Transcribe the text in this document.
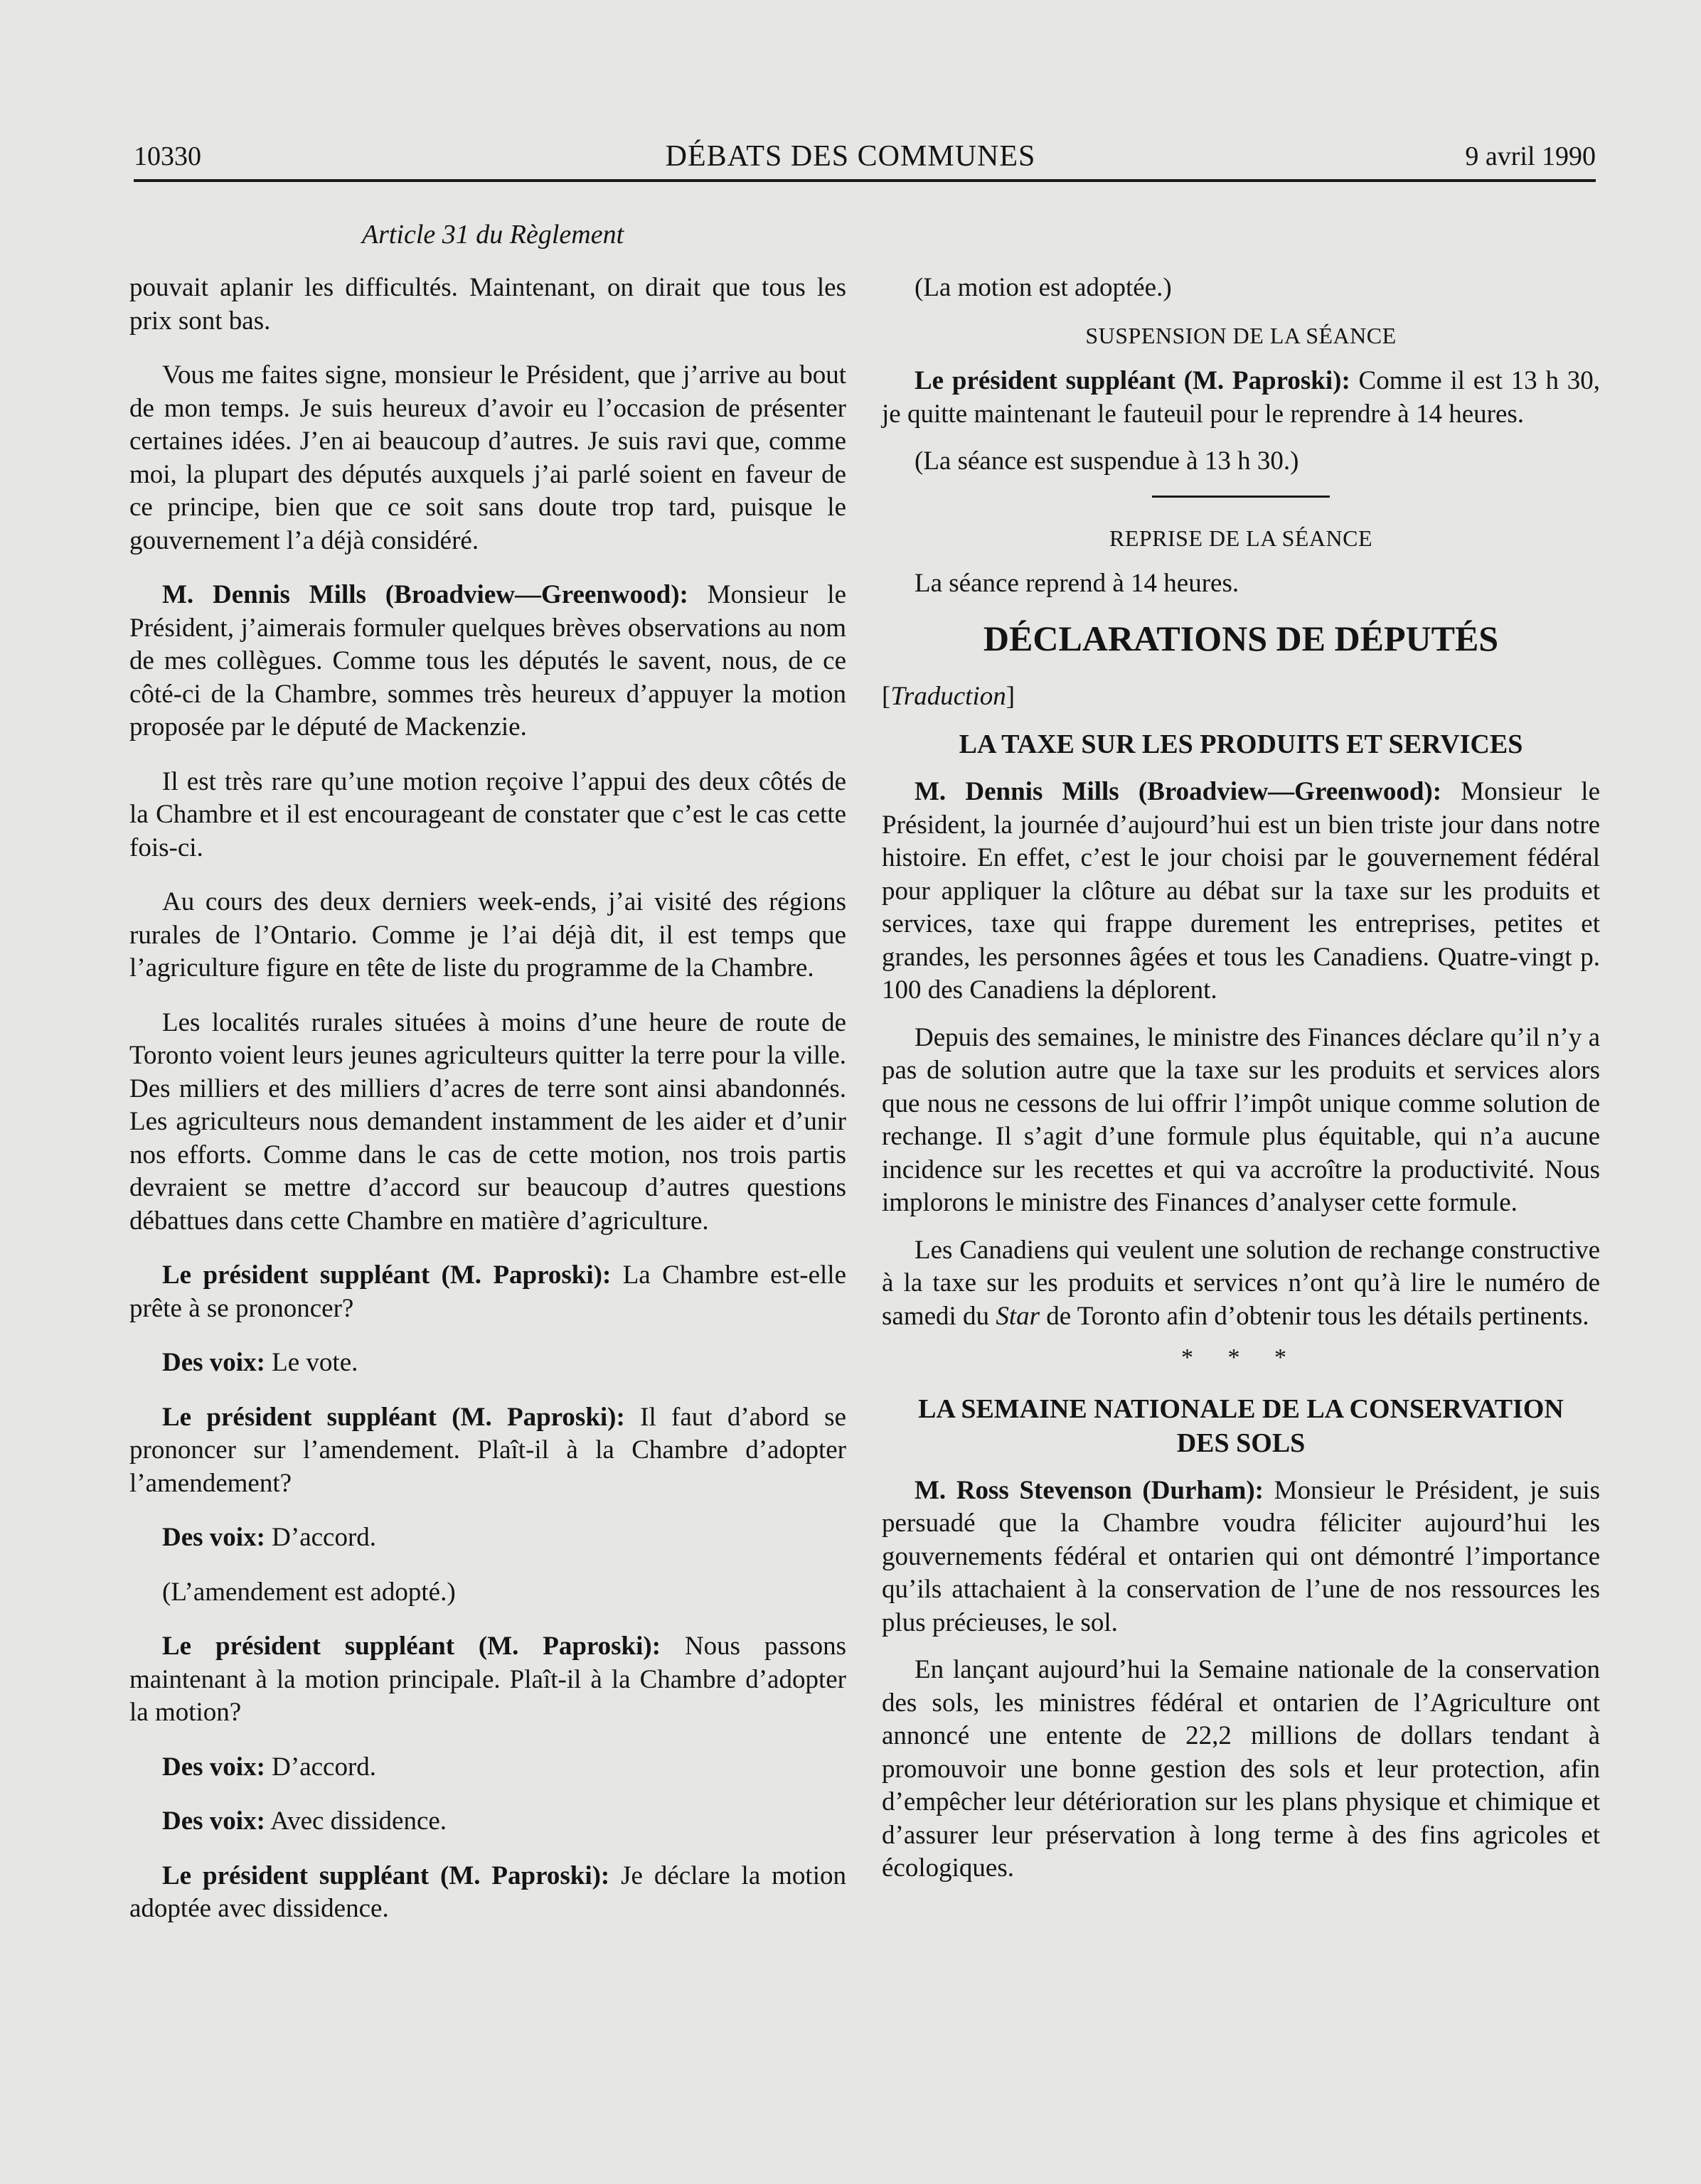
10330	DÉBATS DES COMMUNES	9 avril 1990
Article 31 du Règlement

pouvait aplanir les difficultés. Maintenant, on dirait que tous les prix sont bas.

Vous me faites signe, monsieur le Président, que j’arrive au bout de mon temps. Je suis heureux d’avoir eu l’occasion de présenter certaines idées. J’en ai beaucoup d’autres. Je suis ravi que, comme moi, la plupart des députés auxquels j’ai parlé soient en faveur de ce principe, bien que ce soit sans doute trop tard, puisque le gouvernement l’a déjà considéré.

M. Dennis Mills (Broadview—Greenwood): Monsieur le Président, j’aimerais formuler quelques brèves observations au nom de mes collègues. Comme tous les députés le savent, nous, de ce côté-ci de la Chambre, sommes très heureux d’appuyer la motion proposée par le député de Mackenzie.

Il est très rare qu’une motion reçoive l’appui des deux côtés de la Chambre et il est encourageant de constater que c’est le cas cette fois-ci.

Au cours des deux derniers week-ends, j’ai visité des régions rurales de l’Ontario. Comme je l’ai déjà dit, il est temps que l’agriculture figure en tête de liste du programme de la Chambre.

Les localités rurales situées à moins d’une heure de route de Toronto voient leurs jeunes agriculteurs quitter la terre pour la ville. Des milliers et des milliers d’acres de terre sont ainsi abandonnés. Les agriculteurs nous demandent instamment de les aider et d’unir nos efforts. Comme dans le cas de cette motion, nos trois partis devraient se mettre d’accord sur beaucoup d’autres questions débattues dans cette Chambre en matière d’agriculture.

Le président suppléant (M. Paproski): La Chambre est-elle prête à se prononcer?

Des voix: Le vote.

Le président suppléant (M. Paproski): Il faut d’abord se prononcer sur l’amendement. Plaît-il à la Chambre d’adopter l’amendement?

Des voix: D’accord.

(L’amendement est adopté.)

Le président suppléant (M. Paproski): Nous passons maintenant à la motion principale. Plaît-il à la Chambre d’adopter la motion?

Des voix: D’accord.

Des voix: Avec dissidence.

Le président suppléant (M. Paproski): Je déclare la motion adoptée avec dissidence.

(La motion est adoptée.)

SUSPENSION DE LA SÉANCE

Le président suppléant (M. Paproski): Comme il est 13 h 30, je quitte maintenant le fauteuil pour le reprendre à 14 heures.

(La séance est suspendue à 13 h 30.)

REPRISE DE LA SÉANCE

La séance reprend à 14 heures.

DÉCLARATIONS DE DÉPUTÉS
[Traduction]
LA TAXE SUR LES PRODUITS ET SERVICES

M. Dennis Mills (Broadview—Greenwood): Monsieur le Président, la journée d’aujourd’hui est un bien triste jour dans notre histoire. En effet, c’est le jour choisi par le gouvernement fédéral pour appliquer la clôture au débat sur la taxe sur les produits et services, taxe qui frappe durement les entreprises, petites et grandes, les personnes âgées et tous les Canadiens. Quatre-vingt p. 100 des Canadiens la déplorent.

Depuis des semaines, le ministre des Finances déclare qu’il n’y a pas de solution autre que la taxe sur les produits et services alors que nous ne cessons de lui offrir l’impôt unique comme solution de rechange. Il s’agit d’une formule plus équitable, qui n’a aucune incidence sur les recettes et qui va accroître la productivité. Nous implorons le ministre des Finances d’analyser cette formule.

Les Canadiens qui veulent une solution de rechange constructive à la taxe sur les produits et services n’ont qu’à lire le numéro de samedi du Star de Toronto afin d’obtenir tous les détails pertinents.

* * *
LA SEMAINE NATIONALE DE LA CONSERVATION
DES SOLS

M. Ross Stevenson (Durham): Monsieur le Président, je suis persuadé que la Chambre voudra féliciter aujourd’hui les gouvernements fédéral et ontarien qui ont démontré l’importance qu’ils attachaient à la conservation de l’une de nos ressources les plus précieuses, le sol.

En lançant aujourd’hui la Semaine nationale de la conservation des sols, les ministres fédéral et ontarien de l’Agriculture ont annoncé une entente de 22,2 millions de dollars tendant à promouvoir une bonne gestion des sols et leur protection, afin d’empêcher leur détérioration sur les plans physique et chimique et d’assurer leur préservation à long terme à des fins agricoles et écologiques.
